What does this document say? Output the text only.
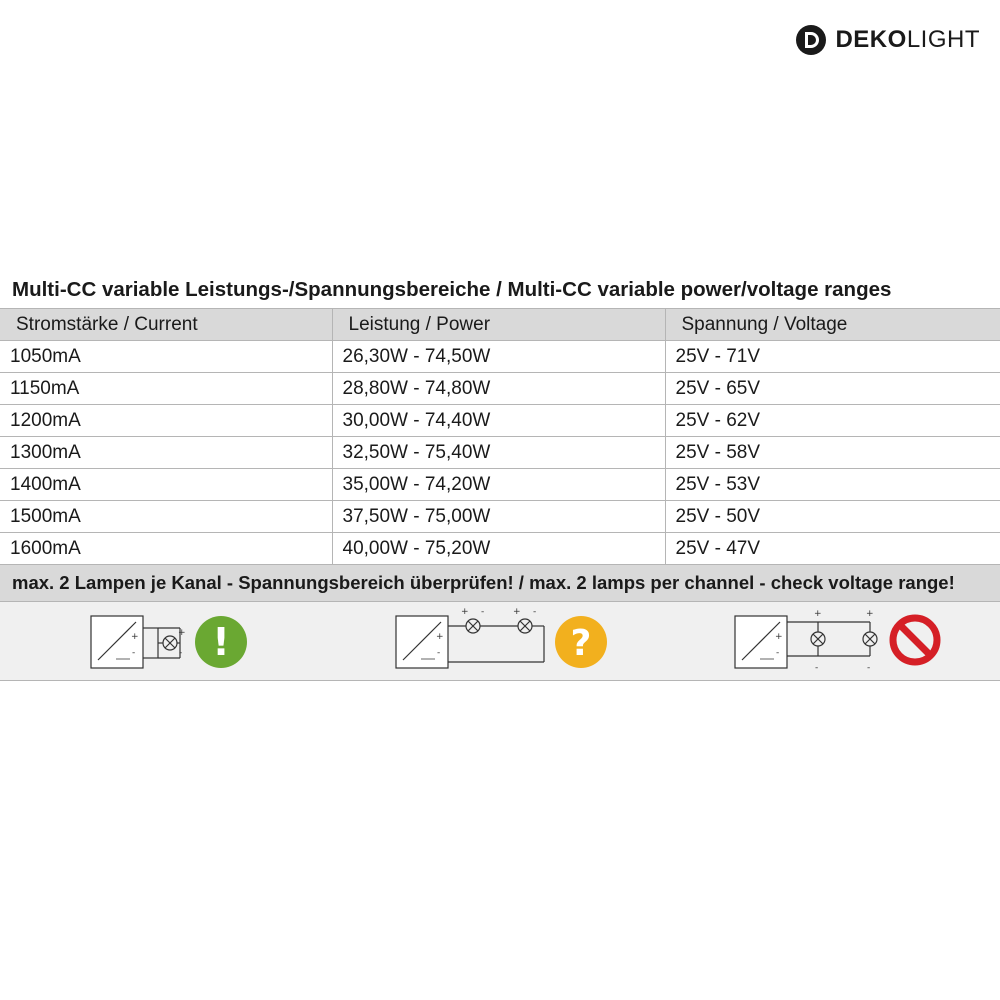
DEKOLIGHT
Multi-CC variable Leistungs-/Spannungsbereiche / Multi-CC variable power/voltage ranges
Stromstärke / Current	Leistung / Power	Spannung / Voltage
1050mA	26,30W - 74,50W	25V - 71V
1150mA	28,80W - 74,80W	25V - 65V
1200mA	30,00W - 74,40W	25V - 62V
1300mA	32,50W - 75,40W	25V - 58V
1400mA	35,00W - 74,20W	25V - 53V
1500mA	37,50W - 75,00W	25V - 50V
1600mA	40,00W - 75,20W	25V - 47V
max. 2 Lampen je Kanal - Spannungsbereich überprüfen! / max. 2 lamps per channel - check voltage range!
+
-
+
- !	+
-
+ -	+ -
?	+
-
+	+
-	-
